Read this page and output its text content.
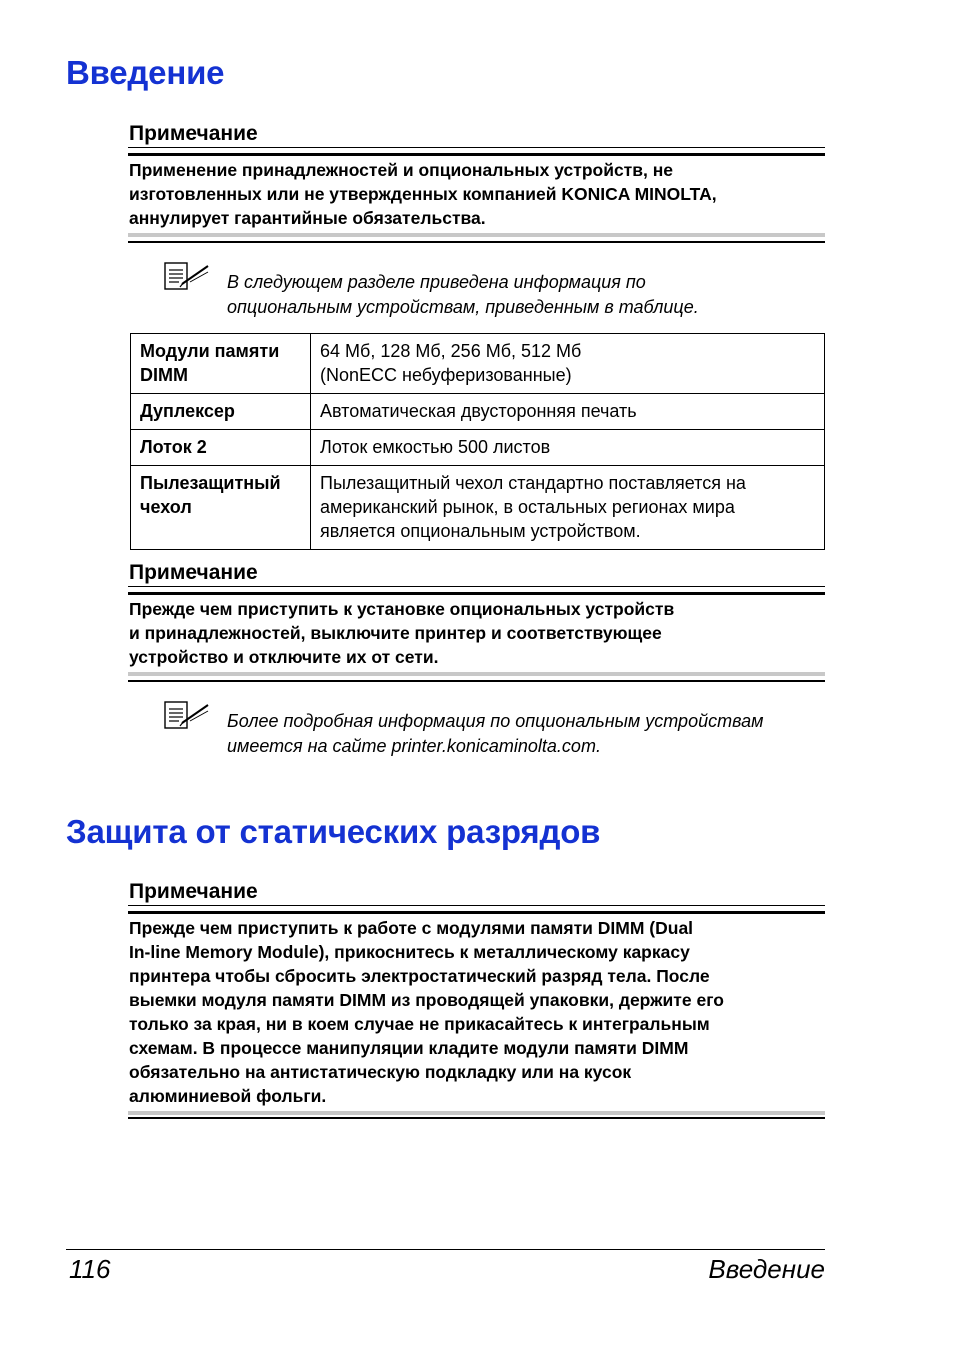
Введение
Примечание
Применение принадлежностей и опциональных устройств, не
изготовленных или не утвержденных компанией KONICA MINOLTA,
аннулирует гарантийные обязательства.
В следующем разделе приведена информация по
опциональным устройствам, приведенным в таблице.
Модули памяти
DIMM	64 Мб, 128 Мб, 256 Мб, 512 Мб
(NonECC небуферизованные)
Дуплексер	Автоматическая двусторонняя печать
Лоток 2	Лоток емкостью 500 листов
Пылезащитный
чехол	Пылезащитный чехол стандартно поставляется на
американский рынок, в остальных регионах мира
является опциональным устройством.
Примечание
Прежде чем приступить к установке опциональных устройств
и принадлежностей, выключите принтер и соответствующее
устройство и отключите их от сети.
Более подробная информация по опциональным устройствам
имеется на сайте printer.konicaminolta.com.
Защита от статических разрядов
Примечание
Прежде чем приступить к работе с модулями памяти DIMM (Dual
In-line Memory Module), прикоснитесь к металлическому каркасу
принтера чтобы сбросить электростатический разряд тела. После
выемки модуля памяти DIMM из проводящей упаковки, держите его
только за края, ни в коем случае не прикасайтесь к интегральным
схемам. В процессе манипуляции кладите модули памяти DIMM
обязательно на антистатическую подкладку или на кусок
алюминиевой фольги.
116	Введение
